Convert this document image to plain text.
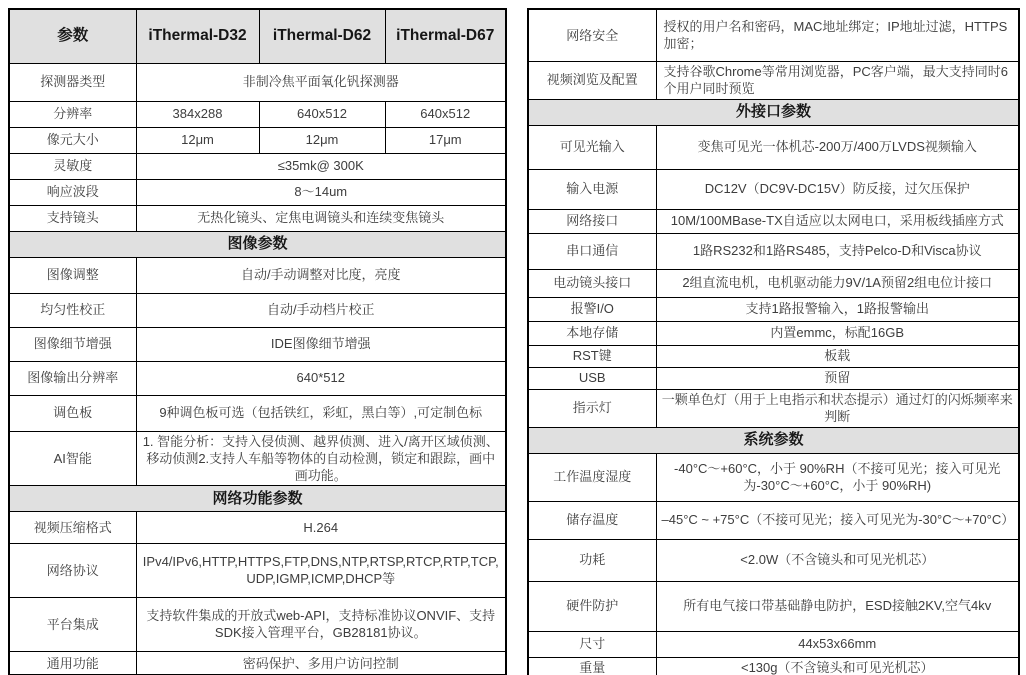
参数	iThermal-D32	iThermal-D62	iThermal-D67
探测器类型	非制冷焦平面氧化钒探测器		
分辨率	384x288	640x512	640x512
像元大小	12μm	12μm	17μm
灵敏度	≤35mk@ 300K		
响应波段	8～14um		
支持镜头	无热化镜头、定焦电调镜头和连续变焦镜头		
图像参数			
图像调整	自动/手动调整对比度，亮度		
均匀性校正	自动/手动档片校正		
图像细节增强	IDE图像细节增强		
图像输出分辨率	640*512		
调色板	9种调色板可选（包括铁红，彩虹，黑白等）,可定制色标		
AI智能	1. 智能分析：支持入侵侦测、越界侦测、进入/离开区域侦测、移动侦测2.支持人车船等物体的自动检测，锁定和跟踪，画中画功能。		
网络功能参数			
视频压缩格式	H.264		
网络协议	IPv4/IPv6,HTTP,HTTPS,FTP,DNS,NTP,RTSP,RTCP,RTP,TCP,UDP,IGMP,ICMP,DHCP等		
平台集成	支持软件集成的开放式web-API，支持标准协议ONVIF、支持SDK接入管理平台，GB28181协议。		
通用功能	密码保护、多用户访问控制		
网络安全	授权的用户名和密码，MAC地址绑定；IP地址过滤，HTTPS加密；
视频浏览及配置	支持谷歌Chrome等常用浏览器，PC客户端，最大支持同时6个用户同时预览
外接口参数	
可见光输入	变焦可见光一体机芯-200万/400万LVDS视频输入
输入电源	DC12V（DC9V-DC15V）防反接，过欠压保护
网络接口	10M/100MBase-TX自适应以太网电口，采用板线插座方式
串口通信	1路RS232和1路RS485，支持Pelco-D和Visca协议
电动镜头接口	2组直流电机，电机驱动能力9V/1A预留2组电位计接口
报警I/O	支持1路报警输入，1路报警输出
本地存储	内置emmc，标配16GB
RST键	板载
USB	预留
指示灯	一颗单色灯（用于上电指示和状态提示）通过灯的闪烁频率来判断
系统参数	
工作温度湿度	-40°C～+60°C，小于 90%RH（不接可见光；接入可见光为-30°C～+60°C，小于 90%RH)
储存温度	–45°C ~ +75°C（不接可见光；接入可见光为-30°C～+70°C）
功耗	<2.0W（不含镜头和可见光机芯）
硬件防护	所有电气接口带基础静电防护，ESD接触2KV,空气4kv
尺寸	44x53x66mm
重量	<130g（不含镜头和可见光机芯）
